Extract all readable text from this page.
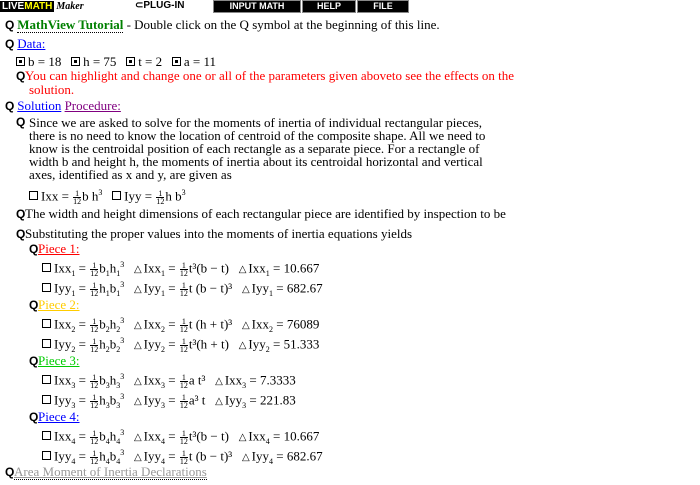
LIVEMATH Maker	⊂PLUG-IN	INPUT MATH	HELP	FILE
Q MathView Tutorial - Double click on the Q symbol at the beginning of this line.
Q Data:
b = 18 h = 75 t = 2 a = 11
QYou can highlight and change one or all of the parameters given aboveto see the effects on the
solution.
Q Solution Procedure:
Q Since we are asked to solve for the moments of inertia of individual rectangular pieces, there is no need to know the location of centroid of the composite shape. All we need to know is the centroidal position of each rectangle as a separate piece. For a rectangle of width b and height h, the moments of inertia about its centroidal horizontal and vertical axes, identified as x and y, are given as
Ixx = $\frac{1}{12}b$ $h^3$ Iyy = $\frac{1}{12}h$ $b^3$
QThe width and height dimensions of each rectangular piece are identified by inspection to be
QSubstituting the proper values into the moments of inertia equations yields
QPiece 1:
$Ixx_1 = \frac{1}{12}b_1h_1^3$ △ $Ixx_1 = \frac{1}{12}t^3(b - t)$ △ Ixx$_1$ = 10.667
$Iyy_1 = \frac{1}{12}h_1b_1^3$ △ $Iyy_1 = \frac{1}{12}t$ (b − t)³ △ Iyy$_1$ = 682.67
QPiece 2:
$Ixx_2 = \frac{1}{12}b_2h_2^3$ △ $Ixx_2 = \frac{1}{12}t$ (h + t)³ △ Ixx$_2$ = 76089
$Iyy_2 = \frac{1}{12}h_2b_2^3$ △ $Iyy_2 = \frac{1}{12}t^3(h + t)$ △ Iyy$_2$ = 51.333
QPiece 3:
$Ixx_3 = \frac{1}{12}b_3h_3^3$ △ $Ixx_3 = \frac{1}{12}a$ t³ △ Ixx$_3$ = 7.3333
$Iyy_3 = \frac{1}{12}h_3b_3^3$ △ $Iyy_3 = \frac{1}{12}a^3$ t △ Iyy$_3$ = 221.83
QPiece 4:
$Ixx_4 = \frac{1}{12}b_4h_4^3$ △ $Ixx_4 = \frac{1}{12}t^3(b - t)$ △ Ixx$_4$ = 10.667
$Iyy_4 = \frac{1}{12}h_4b_4^3$ △ $Iyy_4 = \frac{1}{12}t$ (b − t)³ △ Iyy$_4$ = 682.67
QArea Moment of Inertia Declarations
